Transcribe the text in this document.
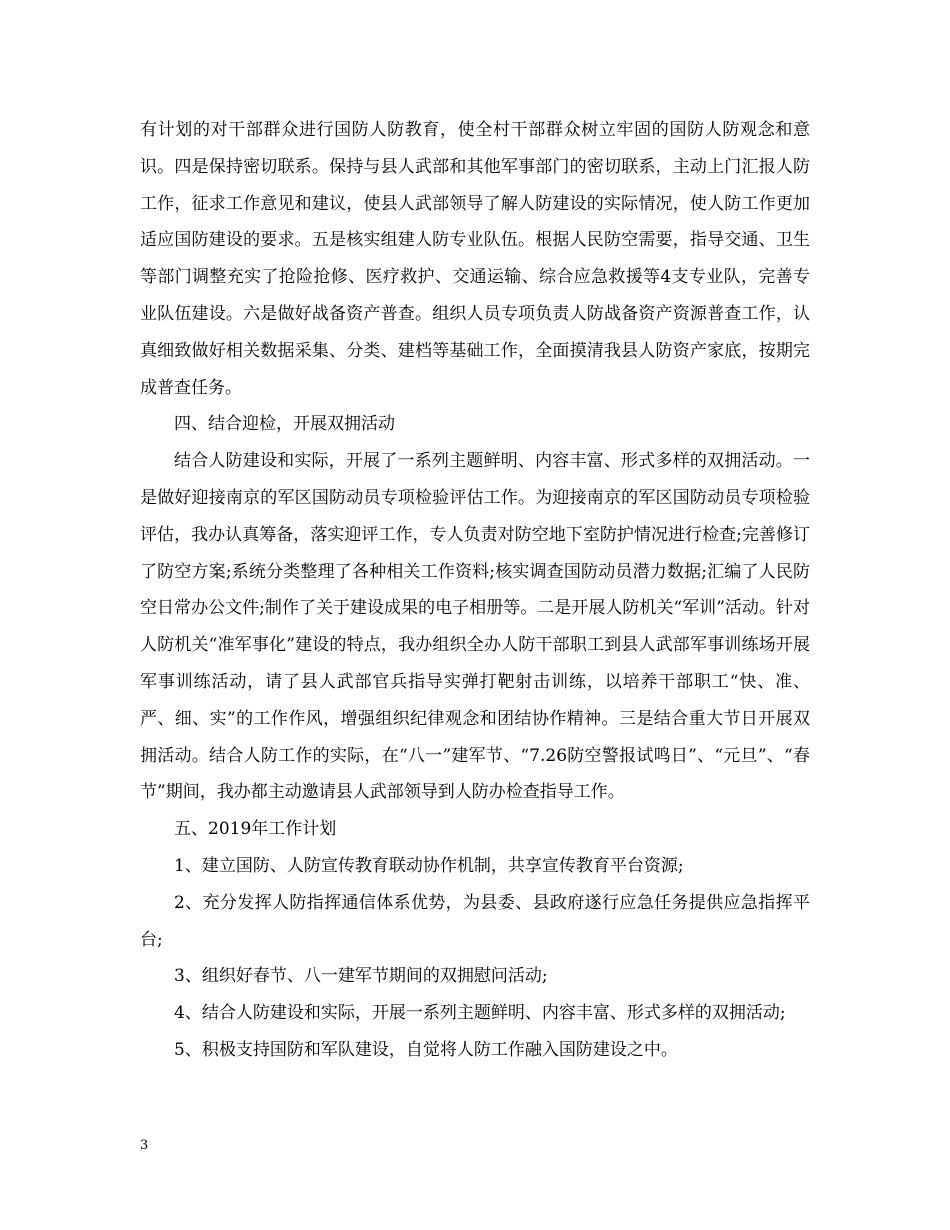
有计划的对干部群众进行国防人防教育，使全村干部群众树立牢固的国防人防观念和意识。四是保持密切联系。保持与县人武部和其他军事部门的密切联系，主动上门汇报人防工作，征求工作意见和建议，使县人武部领导了解人防建设的实际情况，使人防工作更加适应国防建设的要求。五是核实组建人防专业队伍。根据人民防空需要，指导交通、卫生等部门调整充实了抢险抢修、医疗救护、交通运输、综合应急救援等4支专业队，完善专业队伍建设。六是做好战备资产普查。组织人员专项负责人防战备资产资源普查工作，认真细致做好相关数据采集、分类、建档等基础工作，全面摸清我县人防资产家底，按期完成普查任务。

四、结合迎检，开展双拥活动

结合人防建设和实际，开展了一系列主题鲜明、内容丰富、形式多样的双拥活动。一是做好迎接南京的军区国防动员专项检验评估工作。为迎接南京的军区国防动员专项检验评估，我办认真筹备，落实迎评工作，专人负责对防空地下室防护情况进行检查;完善修订了防空方案;系统分类整理了各种相关工作资料;核实调查国防动员潜力数据;汇编了人民防空日常办公文件;制作了关于建设成果的电子相册等。二是开展人防机关“军训”活动。针对人防机关“准军事化”建设的特点，我办组织全办人防干部职工到县人武部军事训练场开展军事训练活动，请了县人武部官兵指导实弹打靶射击训练，以培养干部职工“快、准、严、细、实”的工作作风，增强组织纪律观念和团结协作精神。三是结合重大节日开展双拥活动。结合人防工作的实际，在“八一”建军节、“7.26防空警报试鸣日”、“元旦”、“春节”期间，我办都主动邀请县人武部领导到人防办检查指导工作。

五、2019年工作计划

1、建立国防、人防宣传教育联动协作机制，共享宣传教育平台资源;

2、充分发挥人防指挥通信体系优势，为县委、县政府遂行应急任务提供应急指挥平台;

3、组织好春节、八一建军节期间的双拥慰问活动;

4、结合人防建设和实际，开展一系列主题鲜明、内容丰富、形式多样的双拥活动;

5、积极支持国防和军队建设，自觉将人防工作融入国防建设之中。

3
